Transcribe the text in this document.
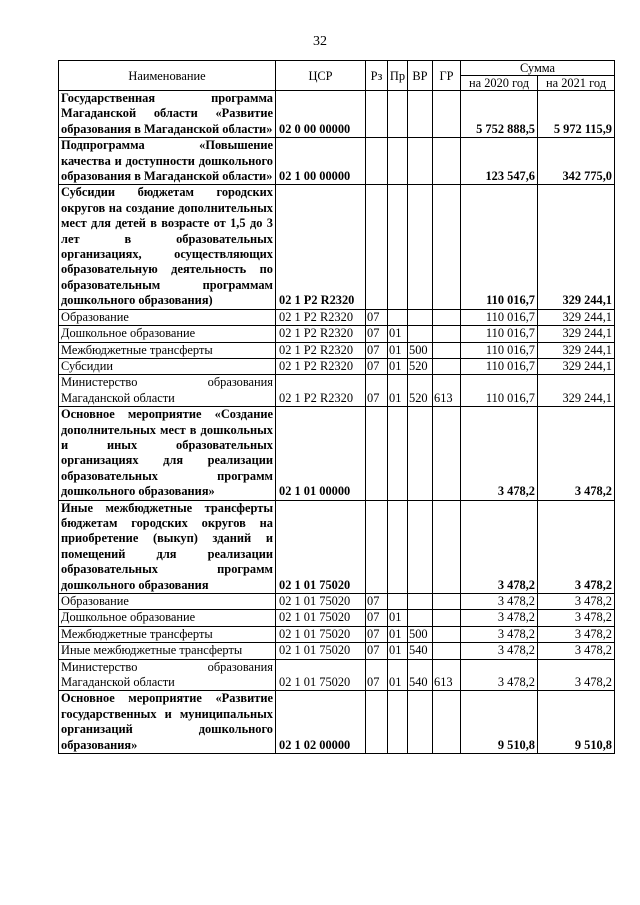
32
Наименование	ЦСР	Рз	Пр	ВР	ГР	Сумма	
						на 2020 год	на 2021 год
Государственная программа Магаданской области «Развитие образования в Магаданской области»	02 0 00 00000					5 752 888,5	5 972 115,9
Подпрограмма «Повышение качества и доступности дошкольного образования в Магаданской области»	02 1 00 00000					123 547,6	342 775,0
Субсидии бюджетам городских округов на создание дополнительных мест для детей в возрасте от 1,5 до 3 лет в образовательных организациях, осуществляющих образовательную деятельность по образовательным программам дошкольного образования)	02 1 P2 R2320					110 016,7	329 244,1
Образование	02 1 P2 R2320	07				110 016,7	329 244,1
Дошкольное образование	02 1 P2 R2320	07	01			110 016,7	329 244,1
Межбюджетные трансферты	02 1 P2 R2320	07	01	500		110 016,7	329 244,1
Субсидии	02 1 P2 R2320	07	01	520		110 016,7	329 244,1
Министерство образования Магаданской области	02 1 P2 R2320	07	01	520	613	110 016,7	329 244,1
Основное мероприятие «Создание дополнительных мест в дошкольных и иных образовательных организациях для реализации образовательных программ дошкольного образования»	02 1 01 00000					3 478,2	3 478,2
Иные межбюджетные трансферты бюджетам городских округов на приобретение (выкуп) зданий и помещений для реализации образовательных программ дошкольного образования	02 1 01 75020					3 478,2	3 478,2
Образование	02 1 01 75020	07				3 478,2	3 478,2
Дошкольное образование	02 1 01 75020	07	01			3 478,2	3 478,2
Межбюджетные трансферты	02 1 01 75020	07	01	500		3 478,2	3 478,2
Иные межбюджетные трансферты	02 1 01 75020	07	01	540		3 478,2	3 478,2
Министерство образования Магаданской области	02 1 01 75020	07	01	540	613	3 478,2	3 478,2
Основное мероприятие «Развитие государственных и муниципальных организаций дошкольного образования»	02 1 02 00000					9 510,8	9 510,8
